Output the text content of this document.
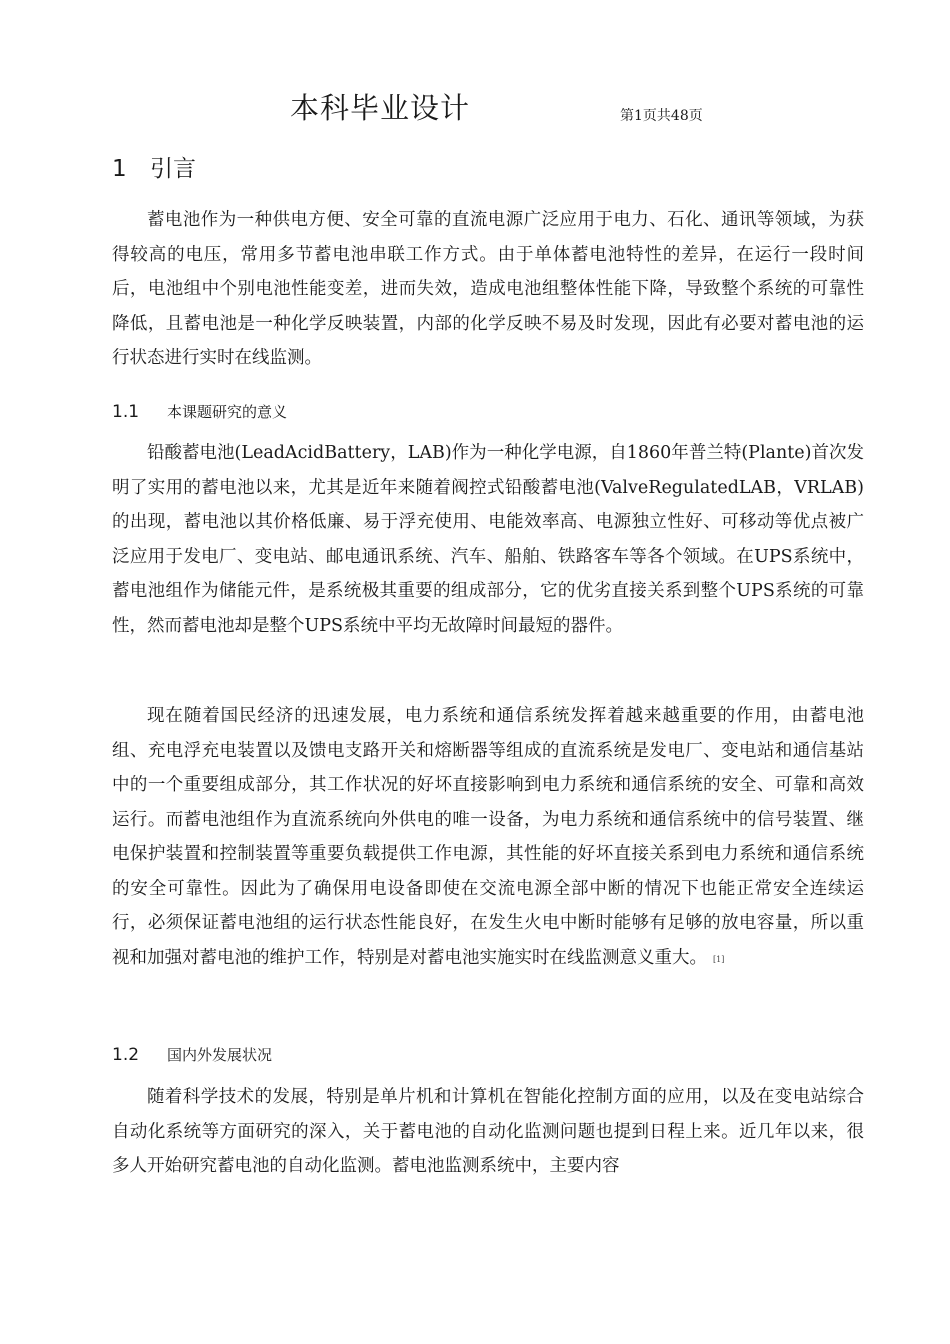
本科毕业设计	第1页共48页
1 引言

蓄电池作为一种供电方便、安全可靠的直流电源广泛应用于电力、石化、通讯等领域，为获得较高的电压，常用多节蓄电池串联工作方式。由于单体蓄电池特性的差异，在运行一段时间后，电池组中个别电池性能变差，进而失效，造成电池组整体性能下降，导致整个系统的可靠性降低，且蓄电池是一种化学反映装置，内部的化学反映不易及时发现，因此有必要对蓄电池的运行状态进行实时在线监测。

1.1 本课题研究的意义

铅酸蓄电池(LeadAcidBattery，LAB)作为一种化学电源，自1860年普兰特(Plante)首次发明了实用的蓄电池以来，尤其是近年来随着阀控式铅酸蓄电池(ValveRegulatedLAB，VRLAB)的出现，蓄电池以其价格低廉、易于浮充使用、电能效率高、电源独立性好、可移动等优点被广泛应用于发电厂、变电站、邮电通讯系统、汽车、船舶、铁路客车等各个领域。在UPS系统中，蓄电池组作为储能元件，是系统极其重要的组成部分，它的优劣直接关系到整个UPS系统的可靠性，然而蓄电池却是整个UPS系统中平均无故障时间最短的器件。

现在随着国民经济的迅速发展，电力系统和通信系统发挥着越来越重要的作用，由蓄电池组、充电浮充电装置以及馈电支路开关和熔断器等组成的直流系统是发电厂、变电站和通信基站中的一个重要组成部分，其工作状况的好坏直接影响到电力系统和通信系统的安全、可靠和高效运行。而蓄电池组作为直流系统向外供电的唯一设备，为电力系统和通信系统中的信号装置、继电保护装置和控制装置等重要负载提供工作电源，其性能的好坏直接关系到电力系统和通信系统的安全可靠性。因此为了确保用电设备即使在交流电源全部中断的情况下也能正常安全连续运行，必须保证蓄电池组的运行状态性能良好，在发生火电中断时能够有足够的放电容量，所以重视和加强对蓄电池的维护工作，特别是对蓄电池实施实时在线监测意义重大。 [1]

1.2 国内外发展状况

随着科学技术的发展，特别是单片机和计算机在智能化控制方面的应用，以及在变电站综合自动化系统等方面研究的深入，关于蓄电池的自动化监测问题也提到日程上来。近几年以来，很多人开始研究蓄电池的自动化监测。蓄电池监测系统中，主要内容
